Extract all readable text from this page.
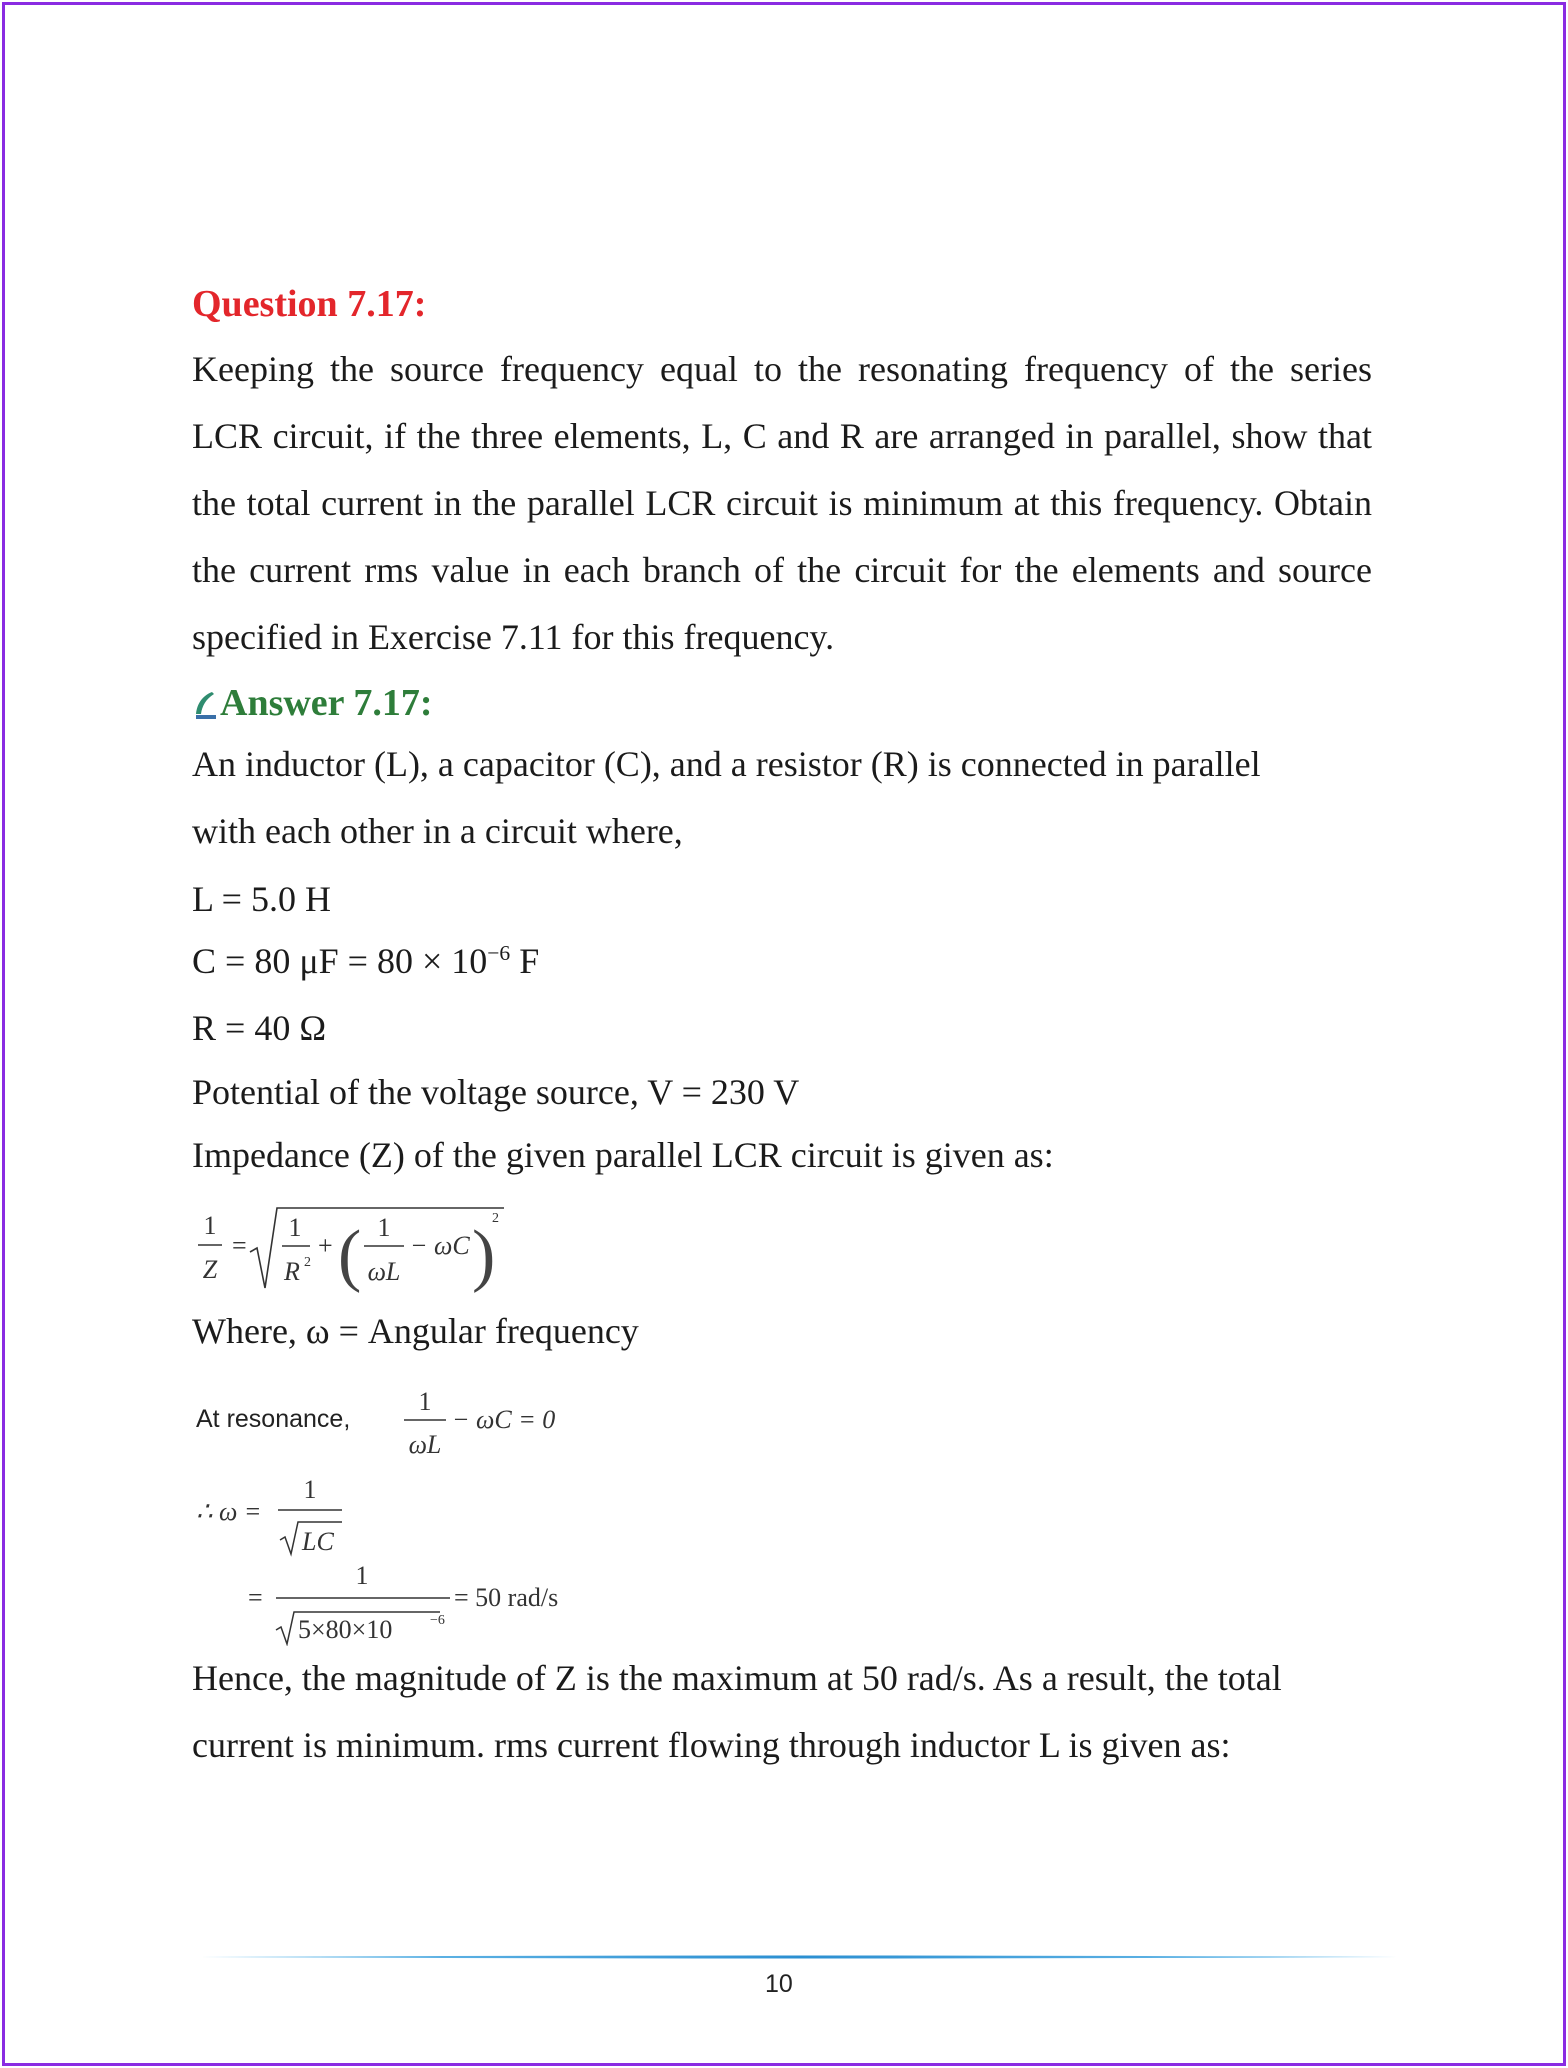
Question 7.17:
Keeping the source frequency equal to the resonating frequency of the series LCR circuit, if the three elements, L, C and R are arranged in parallel, show that the total current in the parallel LCR circuit is minimum at this frequency. Obtain the current rms value in each branch of the circuit for the elements and source specified in Exercise 7.11 for this frequency.
Answer 7.17:
An inductor (L), a capacitor (C), and a resistor (R) is connected in parallel
with each other in a circuit where,
L = 5.0 H
C = 80 $\mu F = 80 \times 10^{-6}$ F
R = 40 Ω
Potential of the voltage source, V = 230 V
Impedance (Z) of the given parallel LCR circuit is given as:
1
Z
=
1
R 2
+ ( 1
ωL
− ωC )
2
Where, ω = Angular frequency
At resonance,
1
ωL
− ωC = 0
∴ ω =
1
LC
=
1
5×80×10	−6
= 50 rad/s
Hence, the magnitude of Z is the maximum at 50 rad/s. As a result, the total
current is minimum. rms current flowing through inductor L is given as:
10
